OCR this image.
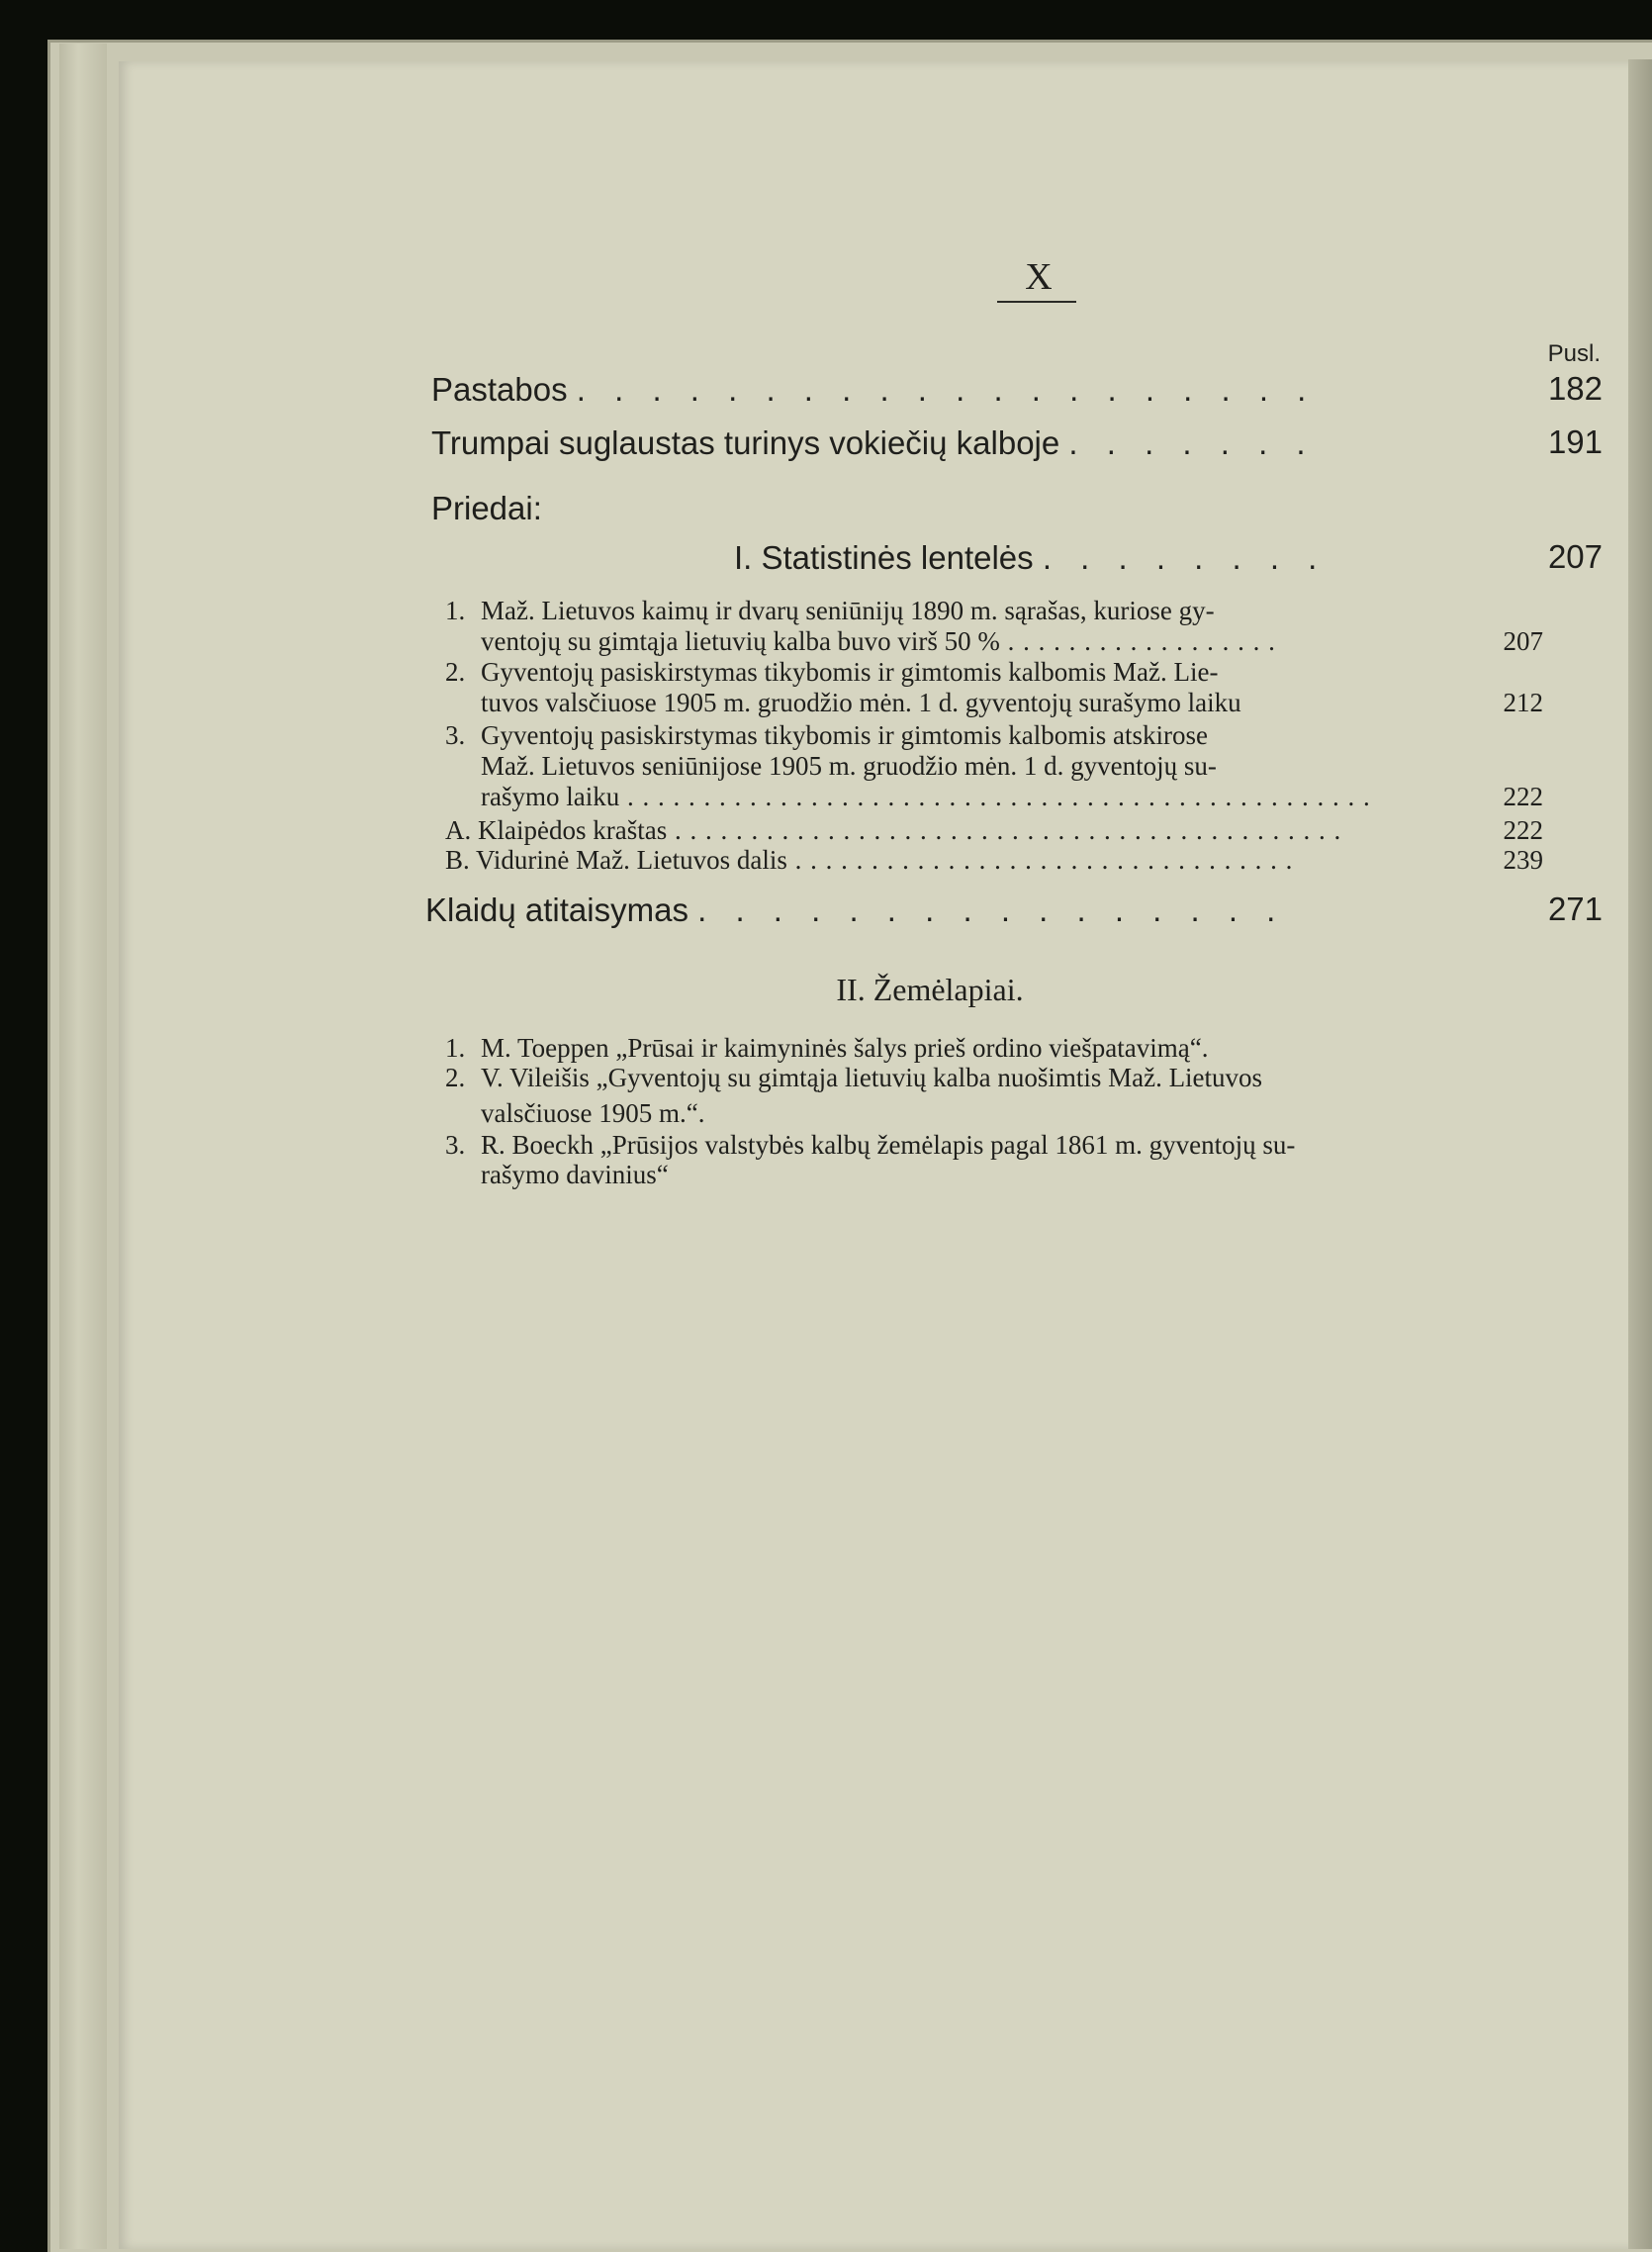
X
Pusl.
Pastabos . . . . . . . . . . . . . . . . . . . .	182
Trumpai suglaustas turinys vokiečių kalboje . . . . . . .	191
Priedai:
I. Statistinės lentelės . . . . . . . .	207
1. Maž. Lietuvos kaimų ir dvarų seniūnijų 1890 m. sąrašas, kuriose gy-
ventojų su gimtąja lietuvių kalba buvo virš 50 % . . . . . . . . . . . . . . . . . .	207
2. Gyventojų pasiskirstymas tikybomis ir gimtomis kalbomis Maž. Lie-
tuvos valsčiuose 1905 m. gruodžio mėn. 1 d. gyventojų surašymo laiku	212
3. Gyventojų pasiskirstymas tikybomis ir gimtomis kalbomis atskirose
Maž. Lietuvos seniūnijose 1905 m. gruodžio mėn. 1 d. gyventojų su-
rašymo laiku . . . . . . . . . . . . . . . . . . . . . . . . . . . . . . . . . . . . . . . . . . . . . . . . .	222
A. Klaipėdos kraštas . . . . . . . . . . . . . . . . . . . . . . . . . . . . . . . . . . . . . . . . . . . .	222
B. Vidurinė Maž. Lietuvos dalis . . . . . . . . . . . . . . . . . . . . . . . . . . . . . . . . .	239
Klaidų atitaisymas . . . . . . . . . . . . . . . .	271
II. Žemėlapiai.
1. M. Toeppen „Prūsai ir kaimyninės šalys prieš ordino viešpatavimą“.
2. V. Vileišis „Gyventojų su gimtąja lietuvių kalba nuošimtis Maž. Lietuvos
valsčiuose 1905 m.“.
3. R. Boeckh „Prūsijos valstybės kalbų žemėlapis pagal 1861 m. gyventojų su-
rašymo davinius“
